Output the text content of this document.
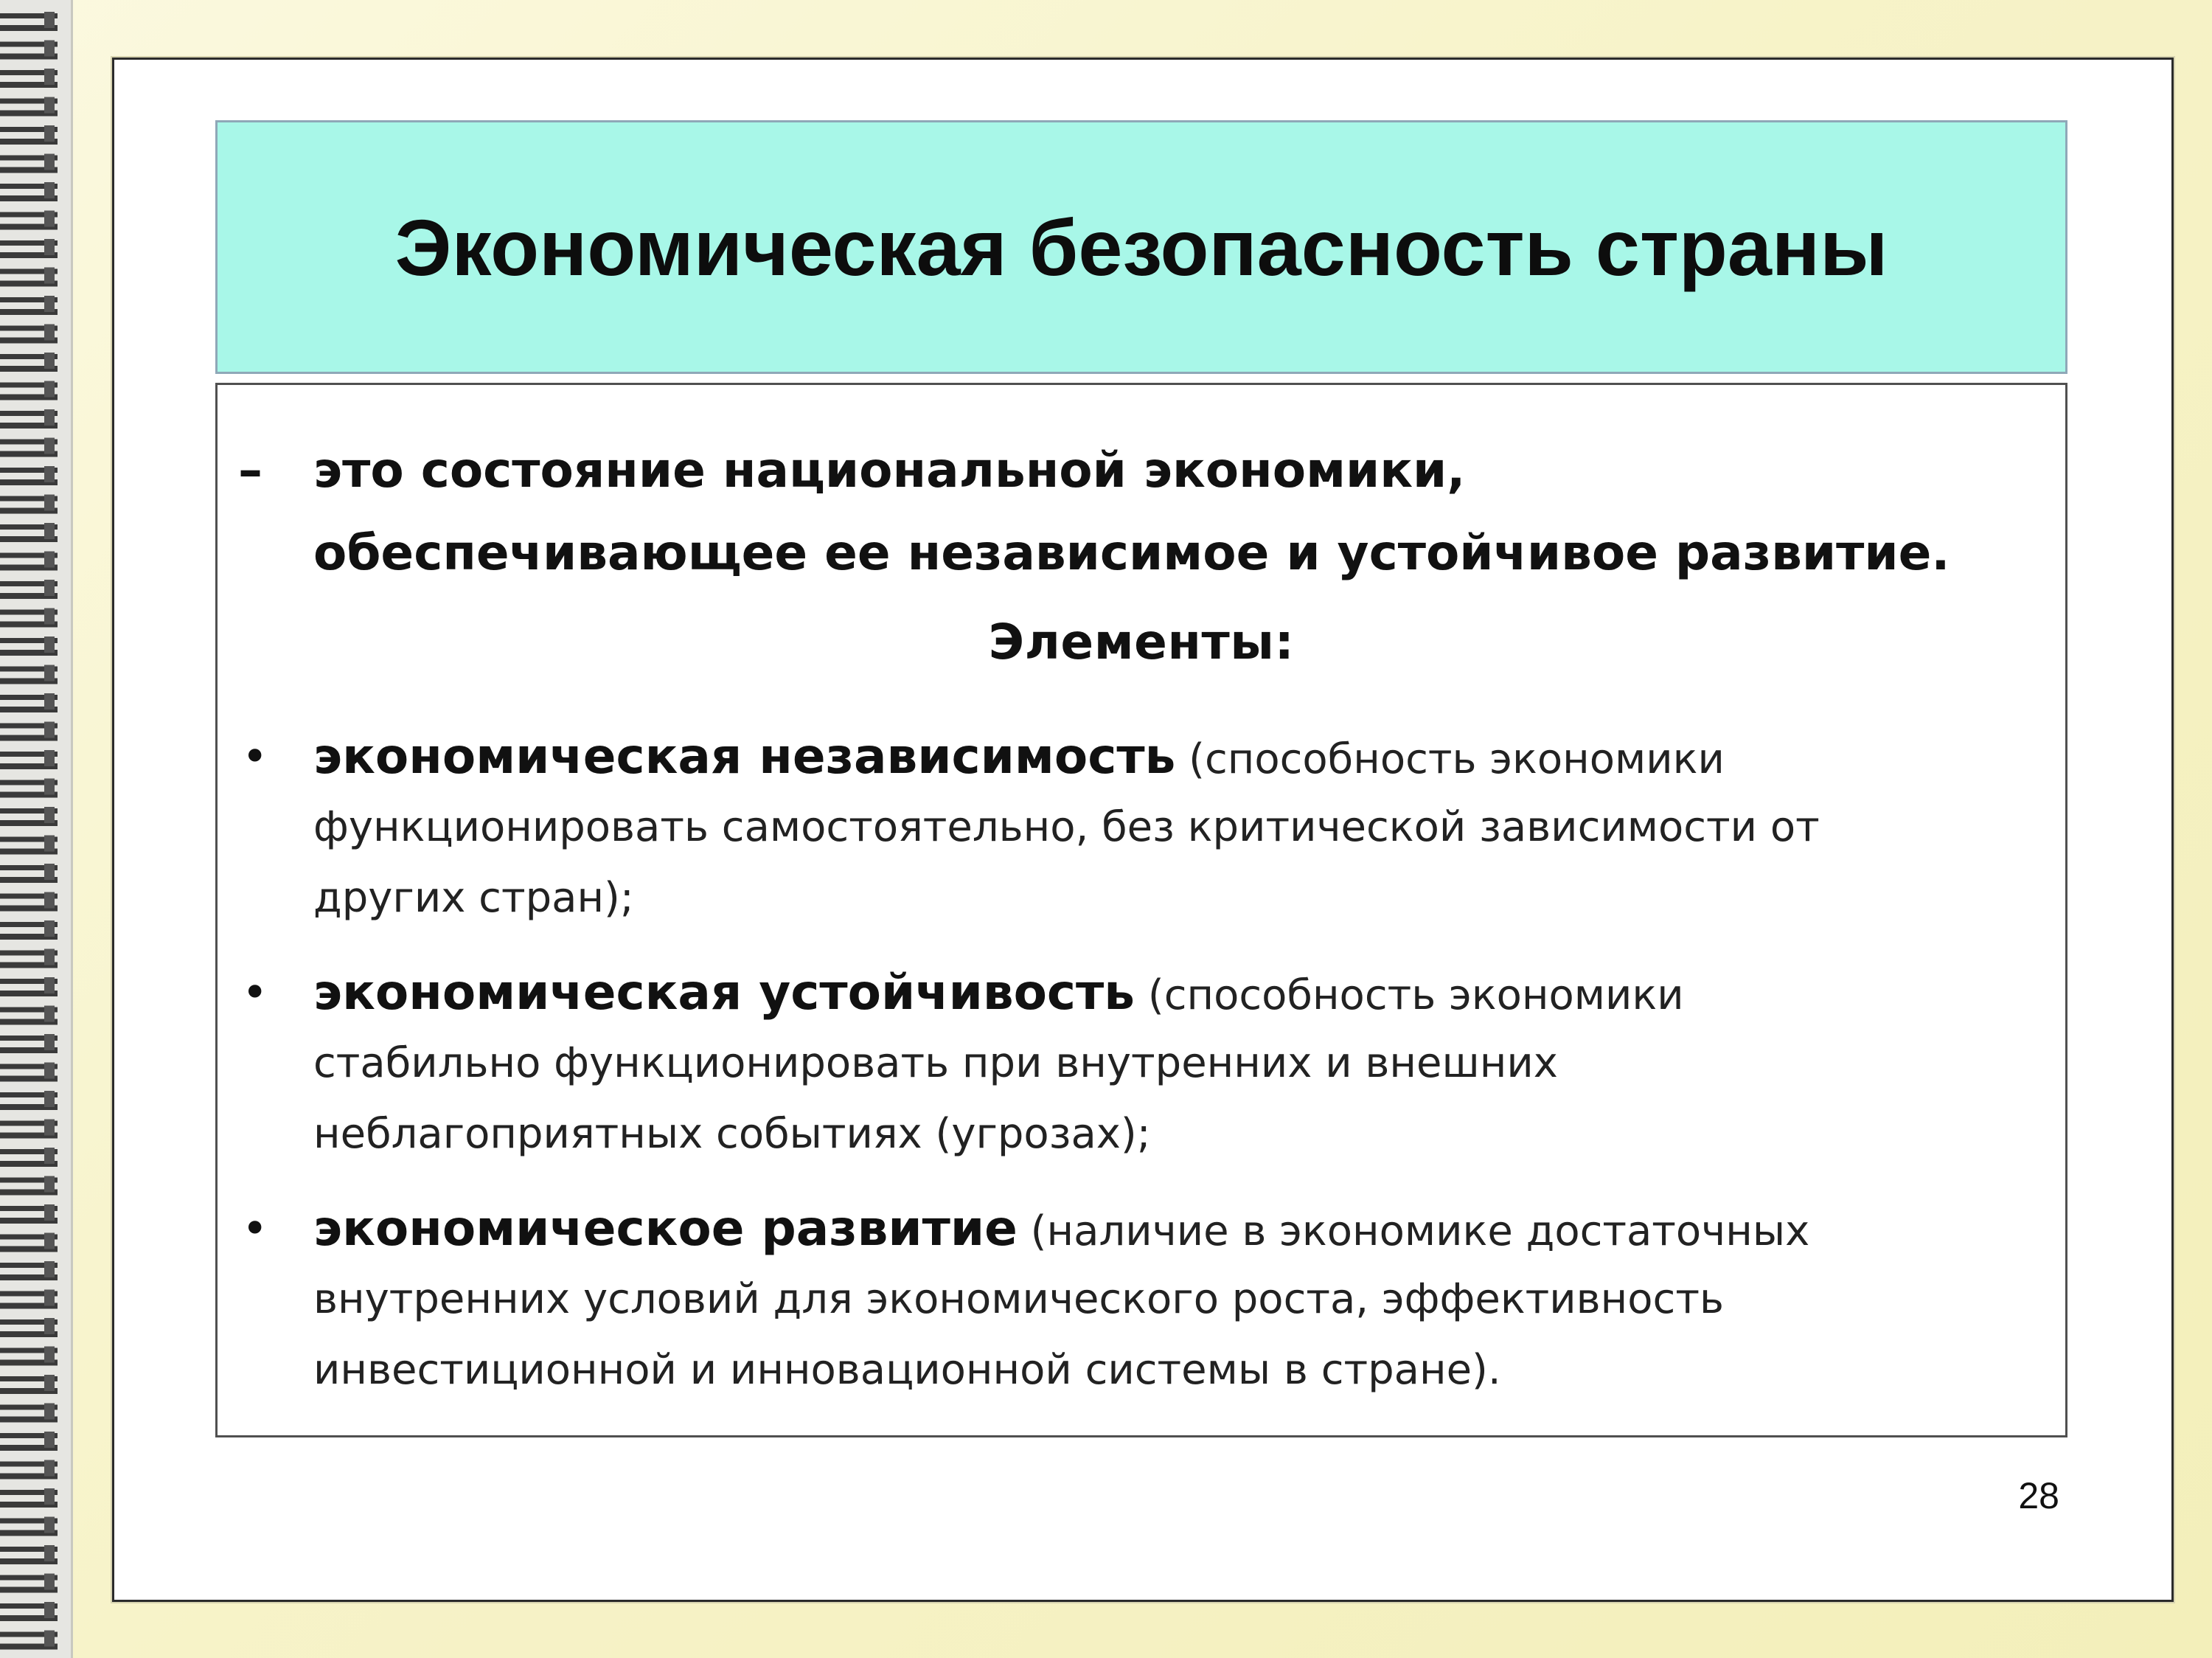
Экономическая безопасность страны
–	это состояние национальной экономики,
обеспечивающее ее независимое и устойчивое развитие.
Элементы:
• экономическая независимость (способность экономики
функционировать самостоятельно, без критической зависимости от
других стран);
• экономическая устойчивость (способность экономики
стабильно функционировать при внутренних и внешних
неблагоприятных событиях (угрозах);
• экономическое развитие (наличие в экономике достаточных
внутренних условий для экономического роста, эффективность
инвестиционной и инновационной системы в стране).
28
